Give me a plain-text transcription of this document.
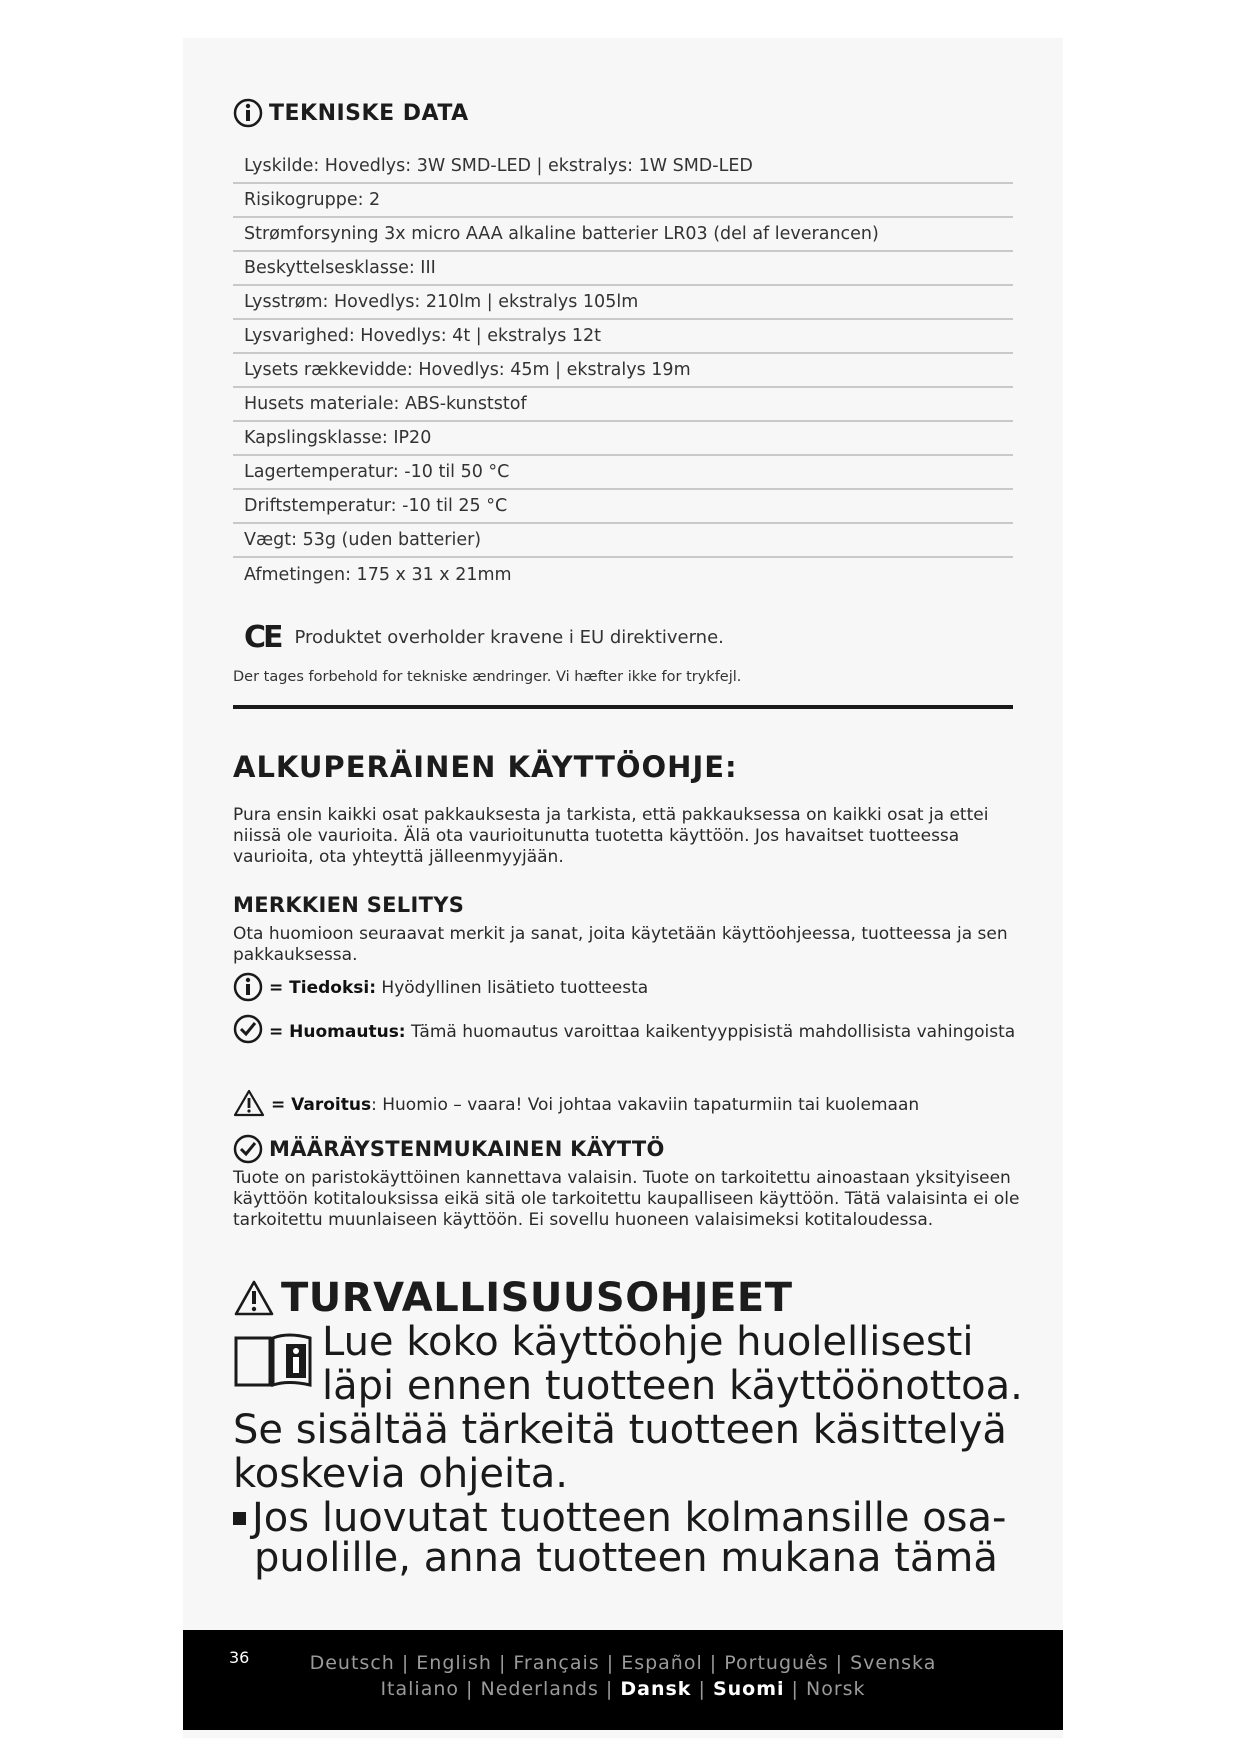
TEKNISKE DATA
Lyskilde: Hovedlys: 3W SMD-LED | ekstralys: 1W SMD-LED
Risikogruppe: 2
Strømforsyning 3x micro AAA alkaline batterier LR03 (del af leverancen)
Beskyttelsesklasse: III
Lysstrøm: Hovedlys: 210lm | ekstralys 105lm
Lysvarighed: Hovedlys: 4t | ekstralys 12t
Lysets rækkevidde: Hovedlys: 45m | ekstralys 19m
Husets materiale: ABS-kunststof
Kapslingsklasse: IP20
Lagertemperatur: -10 til 50 °C
Driftstemperatur: -10 til 25 °C
Vægt: 53g (uden batterier)
Afmetingen: 175 x 31 x 21mm
CE Produktet overholder kravene i EU direktiverne.
Der tages forbehold for tekniske ændringer. Vi hæfter ikke for trykfejl.
ALKUPERÄINEN KÄYTTÖOHJE:
Pura ensin kaikki osat pakkauksesta ja tarkista, että pakkauksessa on kaikki osat ja ettei niissä ole vaurioita. Älä ota vaurioitunutta tuotetta käyttöön. Jos havaitset tuotteessa vaurioita, ota yhteyttä jälleenmyyjään.
MERKKIEN SELITYS
Ota huomioon seuraavat merkit ja sanat, joita käytetään käyttöohjeessa, tuotteessa ja sen pakkauksessa.
= Tiedoksi: Hyödyllinen lisätieto tuotteesta
= Huomautus: Tämä huomautus varoittaa kaikentyyppisistä mahdollisista vahingoista
= Varoitus: Huomio – vaara! Voi johtaa vakaviin tapaturmiin tai kuolemaan
MÄÄRÄYSTENMUKAINEN KÄYTTÖ
Tuote on paristokäyttöinen kannettava valaisin. Tuote on tarkoitettu ainoastaan yksityiseen käyttöön kotitalouksissa eikä sitä ole tarkoitettu kaupalliseen käyttöön. Tätä valaisinta ei ole tarkoitettu muunlaiseen käyttöön. Ei sovellu huoneen valaisimeksi kotitaloudessa.
TURVALLISUUSOHJEET
Lue koko käyttöohje huolellisesti
läpi ennen tuotteen käyttöönottoa.
Se sisältää tärkeitä tuotteen käsittelyä
koskevia ohjeita.
Jos luovutat tuotteen kolmansille osa-
puolille, anna tuotteen mukana tämä
36	Deutsch | English | Français | Español | Português | Svenska
Italiano | Nederlands | Dansk | Suomi | Norsk
